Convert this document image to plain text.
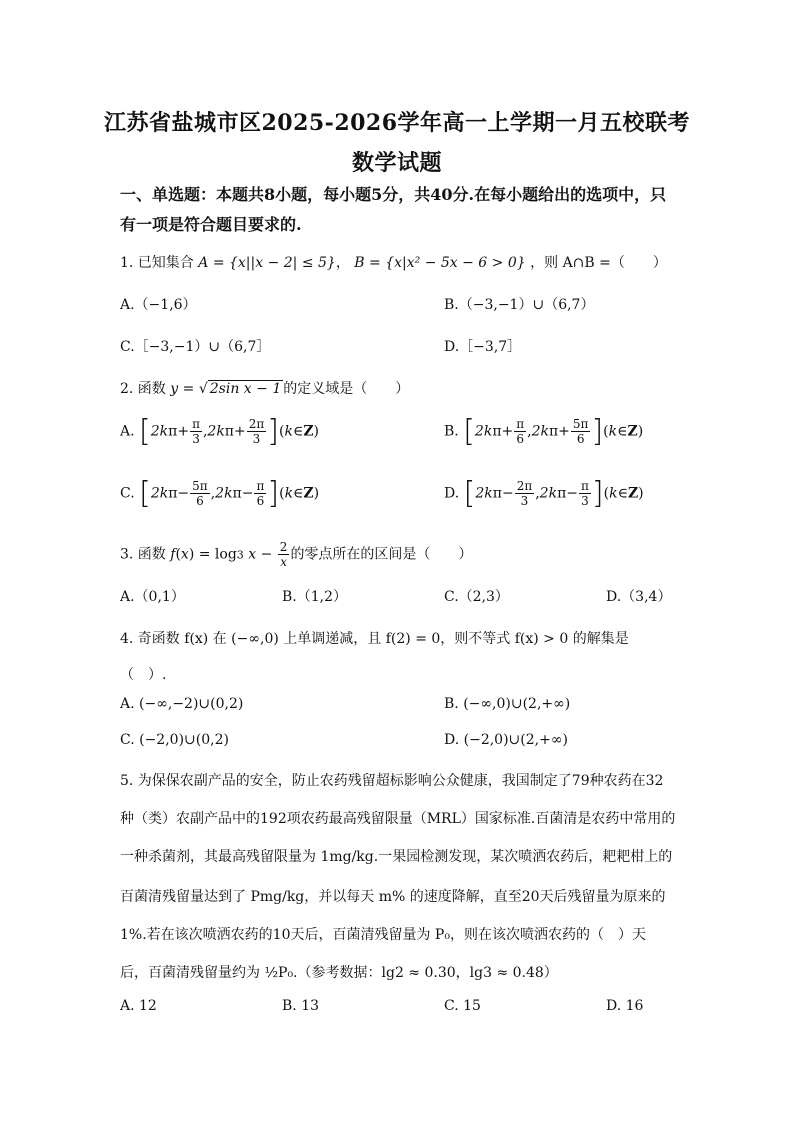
江苏省盐城市区2025-2026学年高一上学期一月五校联考
数学试题
一、单选题：本题共8小题，每小题5分，共40分.在每小题给出的选项中，只
有一项是符合题目要求的.
1. 已知集合 A = {x||x − 2| ≤ 5}， B = {x|x² − 5x − 6 > 0} ，则 A∩B =（　　）
A.（−1,6）	B.（−3,−1）∪（6,7）
C.［−3,−1）∪（6,7］	D.［−3,7］
2. 函数 y = √ 2sin x − 1 的定义域是（　　）
A. [$2k\pi+ \frac{\pi}{3} ,2k\pi+ \frac{2\pi}{3}$ ](k∈Z)	B. [$2k\pi+ \frac{\pi}{6} ,2k\pi+ \frac{5\pi}{6}$ ](k∈Z)
C. [$2k\pi- \frac{5\pi}{6} ,2k\pi- \frac{\pi}{6}$ ](k∈Z)	D. [$2k\pi- \frac{2\pi}{3} ,2k\pi- \frac{\pi}{3}$ ](k∈Z)
3. 函数 f(x) = log3 $x - \frac{2}{x}$ 的零点所在的区间是（　　）
A.（0,1）	B.（1,2）	C.（2,3）	D.（3,4）
4. 奇函数 f(x) 在 (−∞,0) 上单调递减，且 f(2) = 0，则不等式 f(x) > 0 的解集是
（　）.
A. (−∞,−2)∪(0,2)	B. (−∞,0)∪(2,+∞)
C. (−2,0)∪(0,2)	D. (−2,0)∪(2,+∞)
5. 为保保农副产品的安全，防止农药残留超标影响公众健康，我国制定了79种农药在32
种（类）农副产品中的192项农药最高残留限量（MRL）国家标准.百菌清是农药中常用的
一种杀菌剂，其最高残留限量为 1mg/kg.一果园检测发现，某次喷洒农药后，耙耙柑上的
百菌清残留量达到了 Pmg/kg，并以每天 m% 的速度降解，直至20天后残留量为原来的
1%.若在该次喷洒农药的10天后，百菌清残留量为 P₀，则在该次喷洒农药的（　）天
后，百菌清残留量约为 ½P₀.（参考数据：lg2 ≈ 0.30，lg3 ≈ 0.48）
A. 12	B. 13	C. 15	D. 16
